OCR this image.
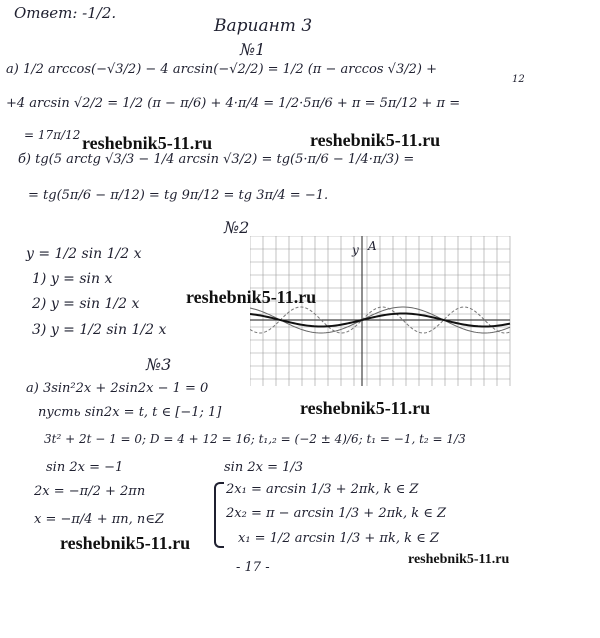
Ответ: -1/2.
Вариант 3
№1
а) 1/2 arccos(−√3/2) − 4 arcsin(−√2/2) = 1/2 (π − arccos √3/2) +
+4 arcsin √2/2 = 1/2 (π − π/6) + 4·π/4 = 1/2·5π/6 + π = 5π/12 + π =
12
= 17π/12
б) tg(5 arctg √3/3 − 1/4 arcsin √3/2) = tg(5·π/6 − 1/4·π/3) =
= tg(5π/6 − π/12) = tg 9π/12 = tg 3π/4 = −1.
№2
y = 1/2 sin 1/2 x
1) y = sin x
2) y = sin 1/2 x
3) y = 1/2 sin 1/2 x
y A
№3
а) 3sin²2x + 2sin2x − 1 = 0
пусть sin2x = t, t ∈ [−1; 1]
3t² + 2t − 1 = 0; D = 4 + 12 = 16; t₁,₂ = (−2 ± 4)/6; t₁ = −1, t₂ = 1/3
sin 2x = −1
2x = −π/2 + 2πn
x = −π/4 + πn, n∈Z
sin 2x = 1/3
2x₁ = arcsin 1/3 + 2πk, k ∈ Z
2x₂ = π − arcsin 1/3 + 2πk, k ∈ Z
x₁ = 1/2 arcsin 1/3 + πk, k ∈ Z
- 17 -
reshebnik5-11.ru	reshebnik5-11.ru
reshebnik5-11.ru
reshebnik5-11.ru
reshebnik5-11.ru
reshebnik5-11.ru
